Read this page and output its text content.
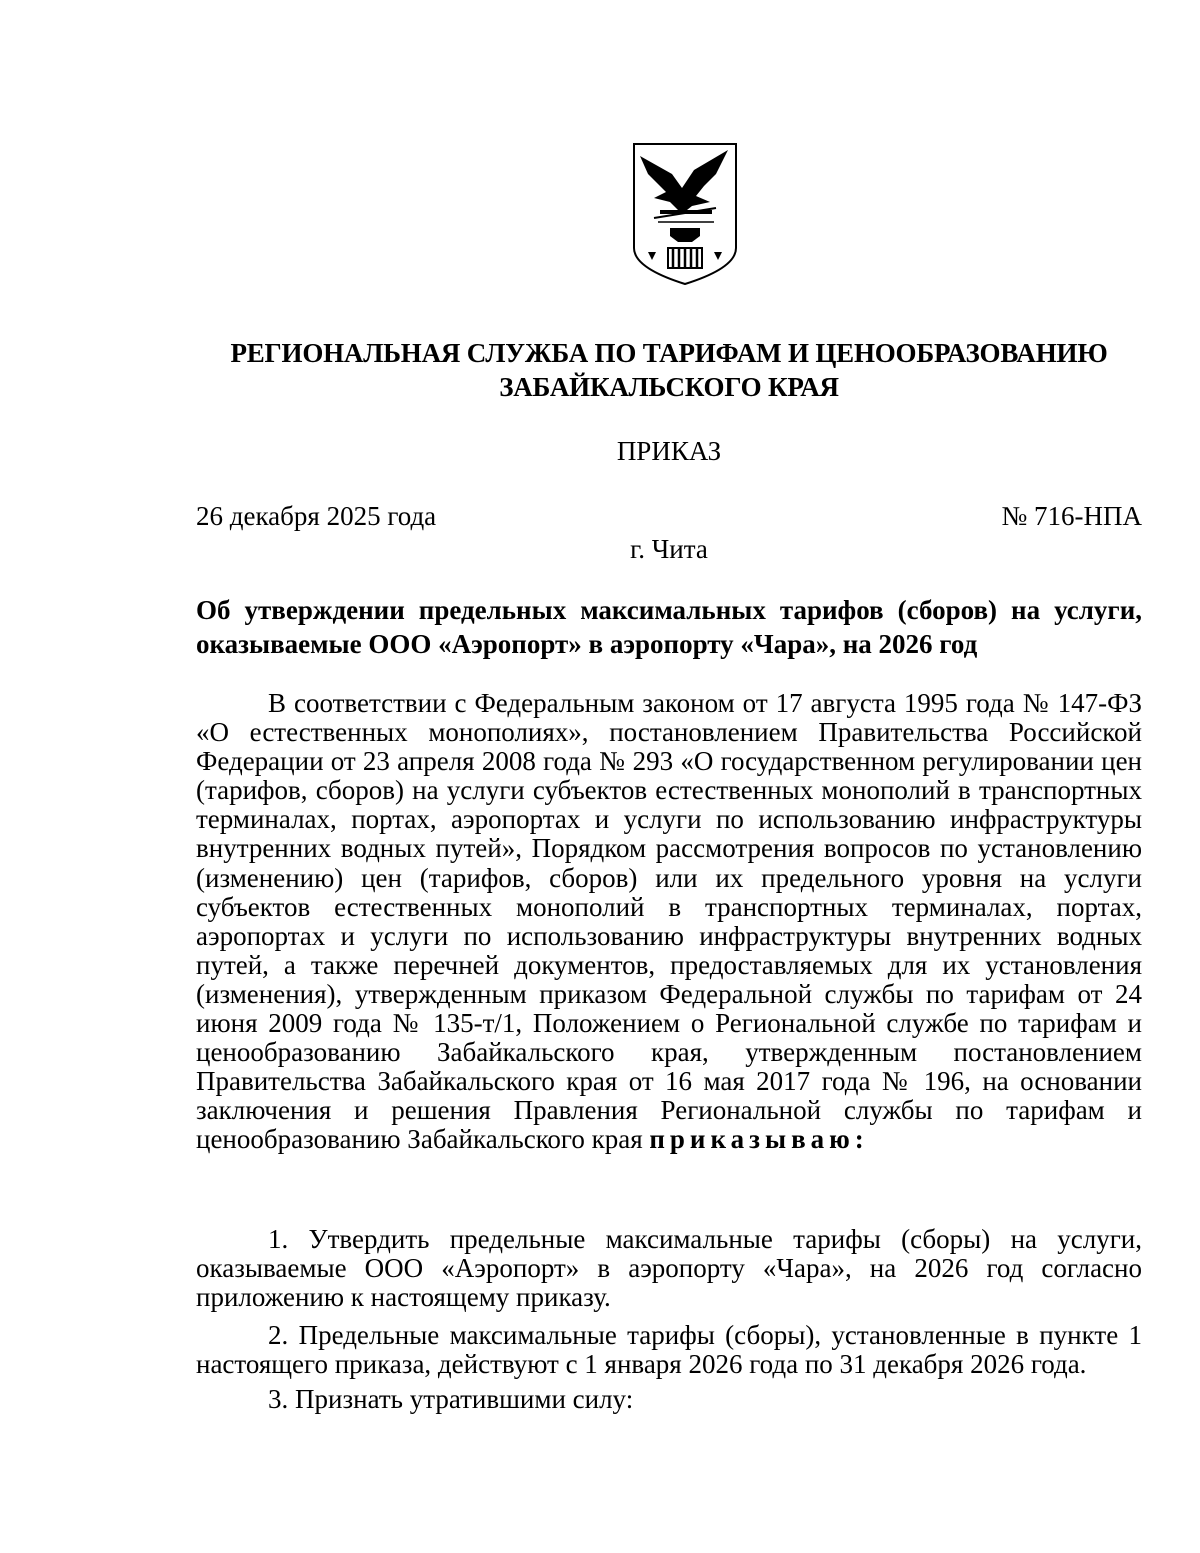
РЕГИОНАЛЬНАЯ СЛУЖБА ПО ТАРИФАМ И ЦЕНООБРАЗОВАНИЮ
ЗАБАЙКАЛЬСКОГО КРАЯ
ПРИКАЗ
26 декабря 2025 года	№ 716-НПА
г. Чита
Об утверждении предельных максимальных тарифов (сборов) на услуги, оказываемые ООО «Аэропорт» в аэропорту «Чара», на 2026 год

В соответствии с Федеральным законом от 17 августа 1995 года № 147-ФЗ «О естественных монополиях», постановлением Правительства Российской Федерации от 23 апреля 2008 года № 293 «О государственном регулировании цен (тарифов, сборов) на услуги субъектов естественных монополий в транспортных терминалах, портах, аэропортах и услуги по использованию инфраструктуры внутренних водных путей», Порядком рассмотрения вопросов по установлению (изменению) цен (тарифов, сборов) или их предельного уровня на услуги субъектов естественных монополий в транспортных терминалах, портах, аэропортах и услуги по использованию инфраструктуры внутренних водных путей, а также перечней документов, предоставляемых для их установления (изменения), утвержденным приказом Федеральной службы по тарифам от 24 июня 2009 года № 135-т/1, Положением о Региональной службе по тарифам и ценообразованию Забайкальского края, утвержденным постановлением Правительства Забайкальского края от 16 мая 2017 года № 196, на основании заключения и решения Правления Региональной службы по тарифам и ценообразованию Забайкальского края приказываю:

1. Утвердить предельные максимальные тарифы (сборы) на услуги, оказываемые ООО «Аэропорт» в аэропорту «Чара», на 2026 год согласно приложению к настоящему приказу.

2. Предельные максимальные тарифы (сборы), установленные в пункте 1 настоящего приказа, действуют с 1 января 2026 года по 31 декабря 2026 года.

3. Признать утратившими силу:
